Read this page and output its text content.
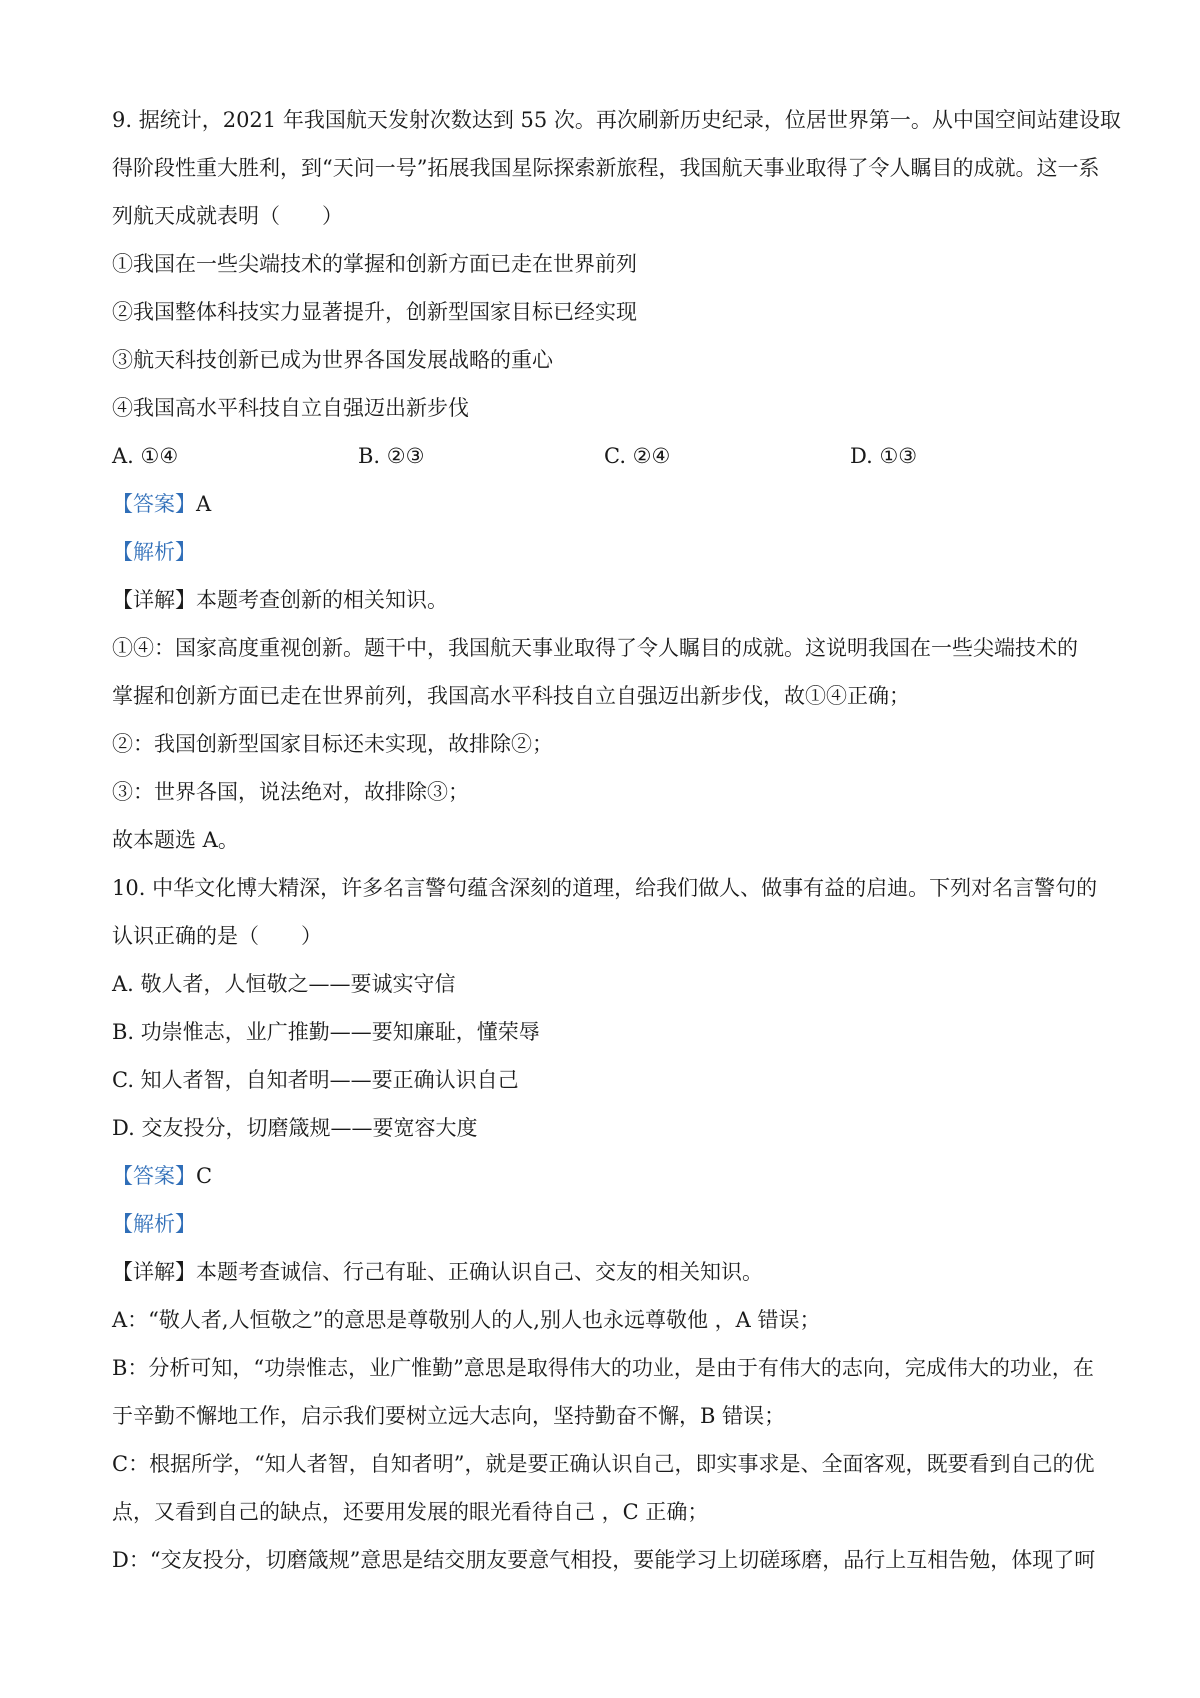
9. 据统计，2021 年我国航天发射次数达到 55 次。再次刷新历史纪录，位居世界第一。从中国空间站建设取
得阶段性重大胜利，到“天问一号”拓展我国星际探索新旅程，我国航天事业取得了令人瞩目的成就。这一系
列航天成就表明（　　）
①我国在一些尖端技术的掌握和创新方面已走在世界前列
②我国整体科技实力显著提升，创新型国家目标已经实现
③航天科技创新已成为世界各国发展战略的重心
④我国高水平科技自立自强迈出新步伐
A. ①④	B. ②③	C. ②④	D. ①③
【答案】A
【解析】
【详解】本题考查创新的相关知识。
①④：国家高度重视创新。题干中，我国航天事业取得了令人瞩目的成就。这说明我国在一些尖端技术的
掌握和创新方面已走在世界前列，我国高水平科技自立自强迈出新步伐，故①④正确；
②：我国创新型国家目标还未实现，故排除②；
③：世界各国，说法绝对，故排除③；
故本题选 A。
10. 中华文化博大精深，许多名言警句蕴含深刻的道理，给我们做人、做事有益的启迪。下列对名言警句的
认识正确的是（　　）
A. 敬人者，人恒敬之——要诚实守信
B. 功崇惟志，业广推勤——要知廉耻，懂荣辱
C. 知人者智，自知者明——要正确认识自己
D. 交友投分，切磨箴规——要宽容大度
【答案】C
【解析】
【详解】本题考查诚信、行己有耻、正确认识自己、交友的相关知识。
A：“敬人者,人恒敬之”的意思是尊敬别人的人,别人也永远尊敬他 ，A 错误；
B：分析可知，“功崇惟志，业广惟勤”意思是取得伟大的功业，是由于有伟大的志向，完成伟大的功业，在
于辛勤不懈地工作，启示我们要树立远大志向，坚持勤奋不懈，B 错误；
C：根据所学，“知人者智，自知者明”，就是要正确认识自己，即实事求是、全面客观，既要看到自己的优
点，又看到自己的缺点，还要用发展的眼光看待自己 ，C 正确；
D：“交友投分，切磨箴规”意思是结交朋友要意气相投，要能学习上切磋琢磨，品行上互相告勉，体现了呵
